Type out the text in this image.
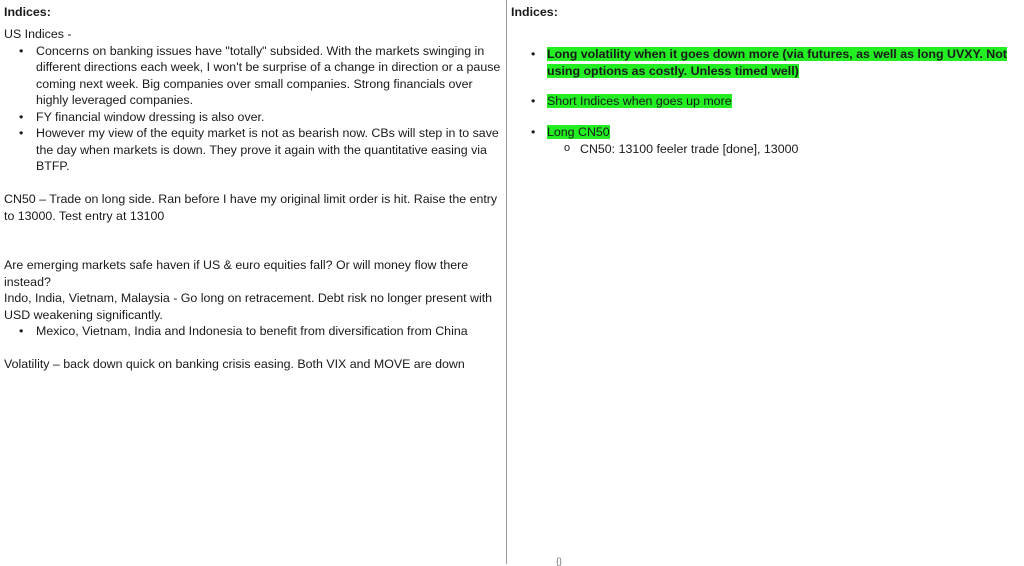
Indices:

US Indices -

• Concerns on banking issues have "totally" subsided. With the markets swinging in different directions each week, I won't be surprise of a change in direction or a pause coming next week. Big companies over small companies. Strong financials over highly leveraged companies.
• FY financial window dressing is also over.
• However my view of the equity market is not as bearish now. CBs will step in to save the day when markets is down. They prove it again with the quantitative easing via BTFP.

CN50 – Trade on long side. Ran before I have my original limit order is hit. Raise the entry to 13000. Test entry at 13100

Are emerging markets safe haven if US & euro equities fall? Or will money flow there instead?

Indo, India, Vietnam, Malaysia - Go long on retracement. Debt risk no longer present with USD weakening significantly.

• Mexico, Vietnam, India and Indonesia to benefit from diversification from China

Volatility – back down quick on banking crisis easing. Both VIX and MOVE are down

Indices:

• Long volatility when it goes down more (via futures, as well as long UVXY. Not using options as costly. Unless timed well)
• Short Indices when goes up more
• Long CN50
o CN50: 13100 feeler trade [done], 13000
{}
